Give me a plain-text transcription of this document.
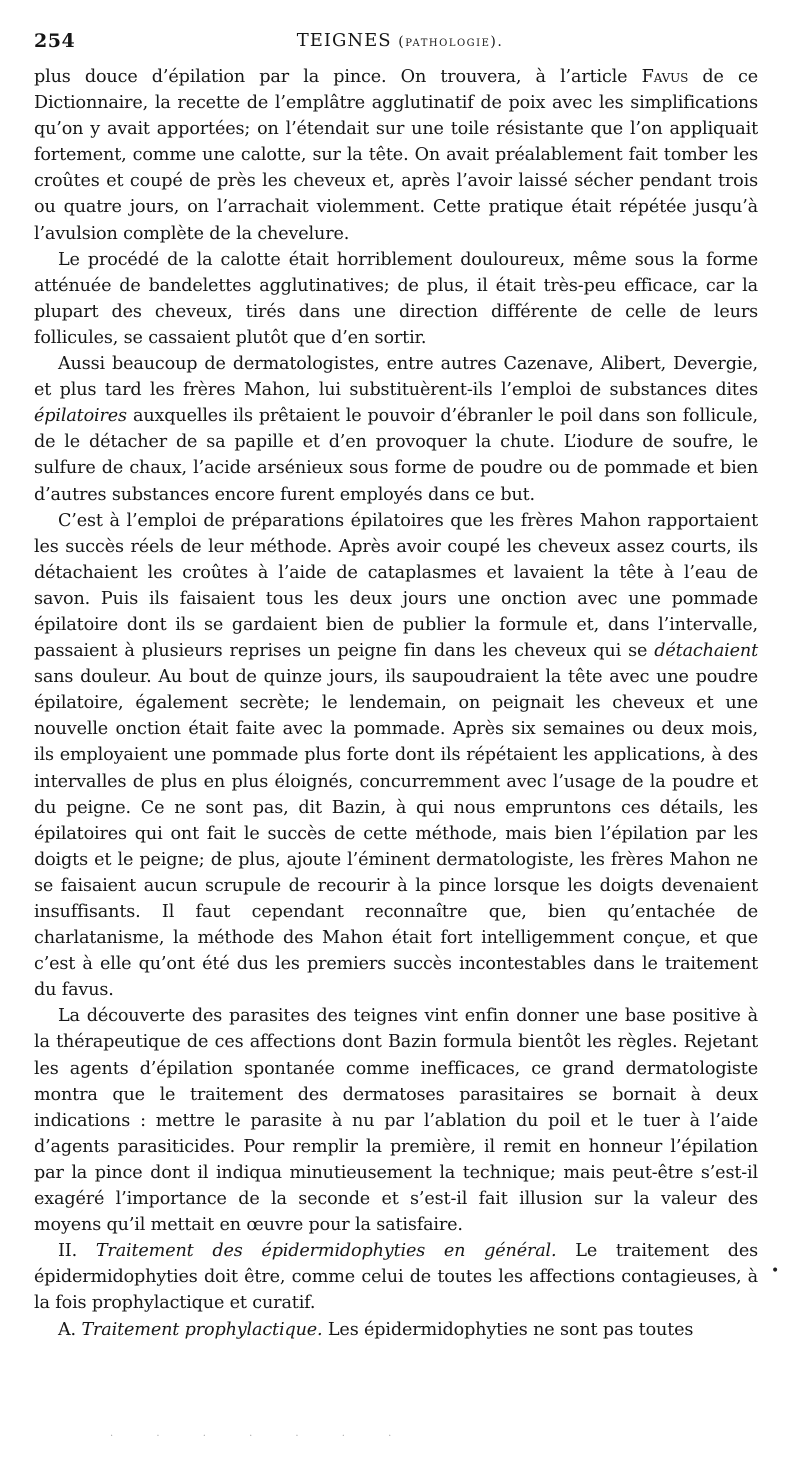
254	TEIGNES (pathologie).

plus douce d’épilation par la pince. On trouvera, à l’article Favus de ce Dictionnaire, la recette de l’emplâtre agglutinatif de poix avec les simplifications qu’on y avait apportées; on l’étendait sur une toile résistante que l’on appliquait fortement, comme une calotte, sur la tête. On avait préalablement fait tomber les croûtes et coupé de près les cheveux et, après l’avoir laissé sécher pendant trois ou quatre jours, on l’arrachait violemment. Cette pratique était répétée jusqu’à l’avulsion complète de la chevelure.

Le procédé de la calotte était horriblement douloureux, même sous la forme atténuée de bandelettes agglutinatives; de plus, il était très-peu efficace, car la plupart des cheveux, tirés dans une direction différente de celle de leurs follicules, se cassaient plutôt que d’en sortir.

Aussi beaucoup de dermatologistes, entre autres Cazenave, Alibert, Devergie, et plus tard les frères Mahon, lui substituèrent-ils l’emploi de substances dites épilatoires auxquelles ils prêtaient le pouvoir d’ébranler le poil dans son follicule, de le détacher de sa papille et d’en provoquer la chute. L’iodure de soufre, le sulfure de chaux, l’acide arsénieux sous forme de poudre ou de pommade et bien d’autres substances encore furent employés dans ce but.

C’est à l’emploi de préparations épilatoires que les frères Mahon rapportaient les succès réels de leur méthode. Après avoir coupé les cheveux assez courts, ils détachaient les croûtes à l’aide de cataplasmes et lavaient la tête à l’eau de savon. Puis ils faisaient tous les deux jours une onction avec une pommade épilatoire dont ils se gardaient bien de publier la formule et, dans l’intervalle, passaient à plusieurs reprises un peigne fin dans les cheveux qui se détachaient sans douleur. Au bout de quinze jours, ils saupoudraient la tête avec une poudre épilatoire, également secrète; le lendemain, on peignait les cheveux et une nouvelle onction était faite avec la pommade. Après six semaines ou deux mois, ils employaient une pommade plus forte dont ils répétaient les applications, à des intervalles de plus en plus éloignés, concurremment avec l’usage de la poudre et du peigne. Ce ne sont pas, dit Bazin, à qui nous empruntons ces détails, les épilatoires qui ont fait le succès de cette méthode, mais bien l’épilation par les doigts et le peigne; de plus, ajoute l’éminent dermatologiste, les frères Mahon ne se faisaient aucun scrupule de recourir à la pince lorsque les doigts devenaient insuffisants. Il faut cependant reconnaître que, bien qu’entachée de charlatanisme, la méthode des Mahon était fort intelligemment conçue, et que c’est à elle qu’ont été dus les premiers succès incontestables dans le traitement du favus.

La découverte des parasites des teignes vint enfin donner une base positive à la thérapeutique de ces affections dont Bazin formula bientôt les règles. Rejetant les agents d’épilation spontanée comme inefficaces, ce grand dermatologiste montra que le traitement des dermatoses parasitaires se bornait à deux indications : mettre le parasite à nu par l’ablation du poil et le tuer à l’aide d’agents parasiticides. Pour remplir la première, il remit en honneur l’épilation par la pince dont il indiqua minutieusement la technique; mais peut-être s’est-il exagéré l’importance de la seconde et s’est-il fait illusion sur la valeur des moyens qu’il mettait en œuvre pour la satisfaire.

II. Traitement des épidermidophyties en général. Le traitement des épidermidophyties doit être, comme celui de toutes les affections contagieuses, à la fois prophylactique et curatif.

A. Traitement prophylactique. Les épidermidophyties ne sont pas toutes

•
. . . . . . .
